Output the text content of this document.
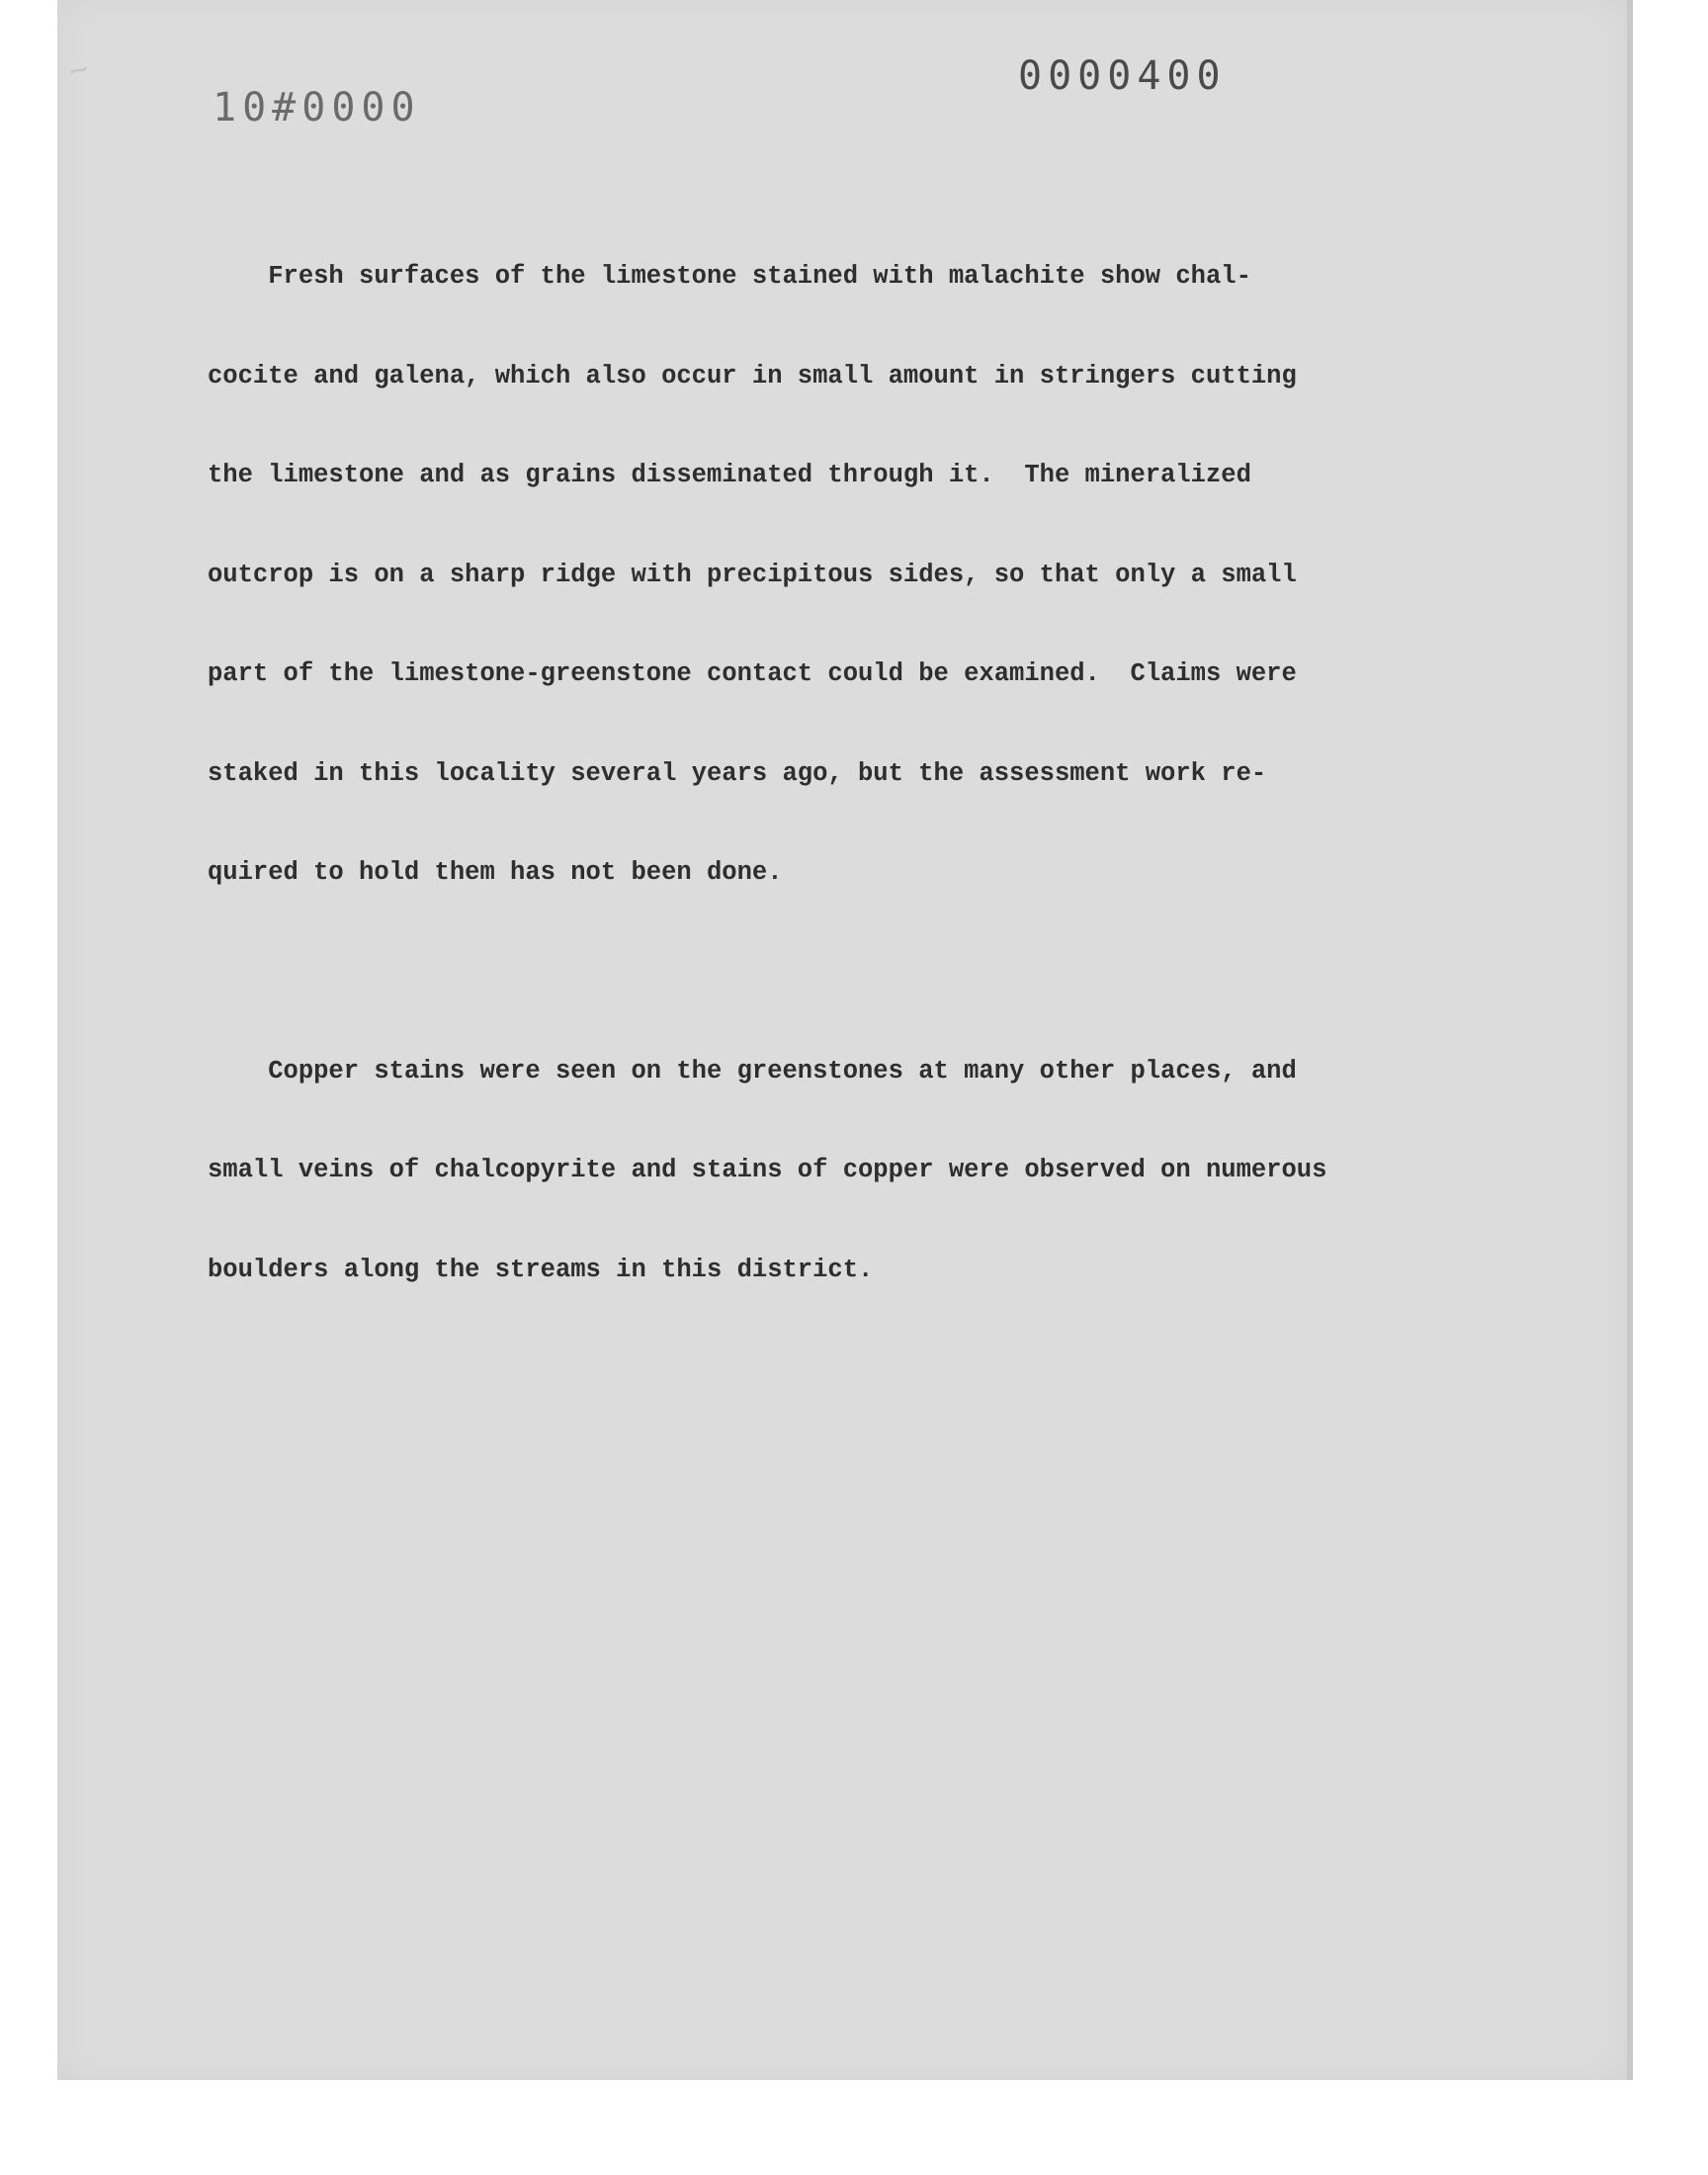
~
10#0000
0000400

Fresh surfaces of the limestone stained with malachite show chal-

cocite and galena, which also occur in small amount in stringers cutting

the limestone and as grains disseminated through it.  The mineralized

outcrop is on a sharp ridge with precipitous sides, so that only a small

part of the limestone-greenstone contact could be examined.  Claims were

staked in this locality several years ago, but the assessment work re-

quired to hold them has not been done.

Copper stains were seen on the greenstones at many other places, and

small veins of chalcopyrite and stains of copper were observed on numerous

boulders along the streams in this district.
